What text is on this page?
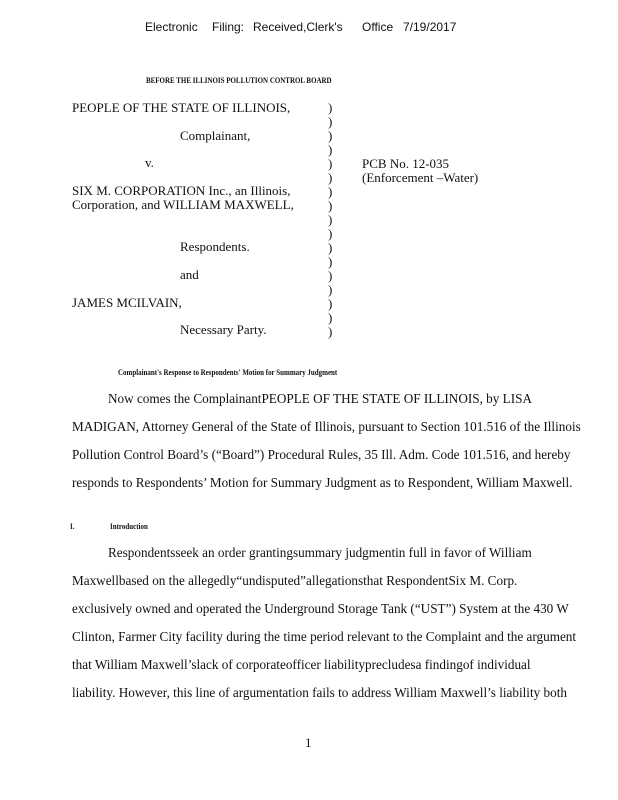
Electronic Filing: Received,Clerk's Office 7/19/2017
BEFORE THE ILLINOIS POLLUTION CONTROL BOARD
PEOPLE OF THE STATE OF ILLINOIS,
Complainant,
v.
SIX M. CORPORATION Inc., an Illinois,
Corporation, and WILLIAM MAXWELL,
Respondents.
and
JAMES MCILVAIN,
Necessary Party.
)
)
)
)
)
)
)
)
)
)
)
)
)
)
)
)
)
PCB No. 12-035
(Enforcement –Water)
Complainant's Response to Respondents' Motion for Summary Judgment
Now comes the ComplainantPEOPLE OF THE STATE OF ILLINOIS, by LISA
MADIGAN, Attorney General of the State of Illinois, pursuant to Section 101.516 of the Illinois
Pollution Control Board’s (“Board”) Procedural Rules, 35 Ill. Adm. Code 101.516, and hereby
responds to Respondents’ Motion for Summary Judgment as to Respondent, William Maxwell.
I.	Introduction
Respondentsseek an order grantingsummary judgmentin full in favor of William
Maxwellbased on the allegedly“undisputed”allegationsthat RespondentSix M. Corp.
exclusively owned and operated the Underground Storage Tank (“UST”) System at the 430 W
Clinton, Farmer City facility during the time period relevant to the Complaint and the argument
that William Maxwell’slack of corporateofficer liabilityprecludesa findingof individual
liability. However, this line of argumentation fails to address William Maxwell’s liability both
1
